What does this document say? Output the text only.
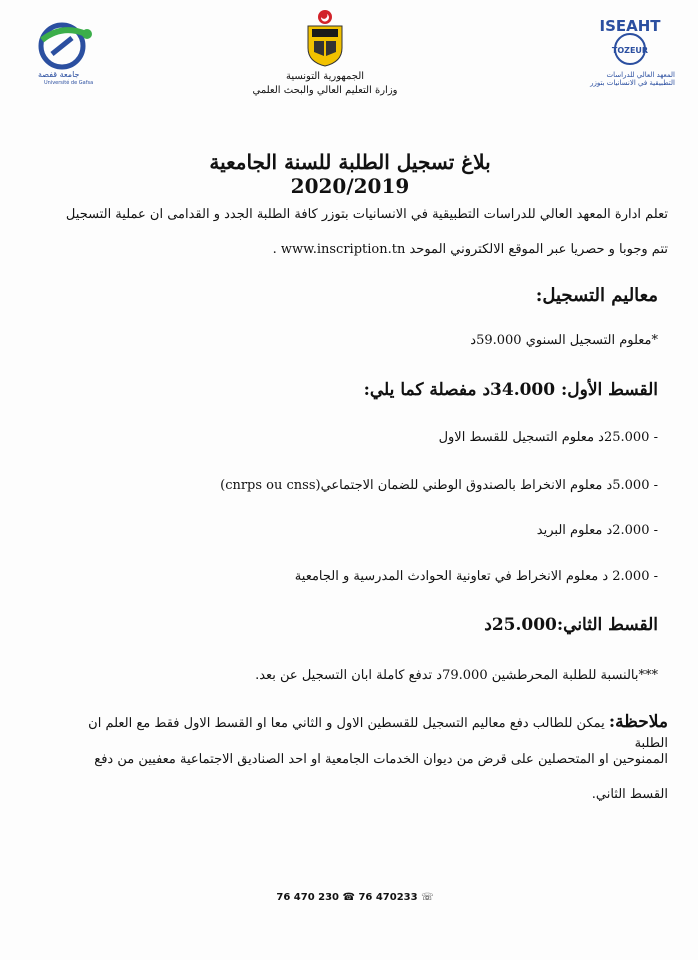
جامعة قفصة
Université de Gafsa
الجمهورية التونسية
وزارة التعليم العالي والبحث العلمي
ISEAHT
TOZEUR
المعهد العالي للدراسات التطبيقية في الانسانيات بتوزر
بلاغ تسجيل الطلبة للسنة الجامعية 2020/2019
تعلم ادارة المعهد العالي للدراسات التطبيقية في الانسانيات بتوزر كافة الطلبة الجدد و القدامى ان عملية التسجيل
تتم وجوبا و حصريا عبر الموقع الالكتروني الموحد www.inscription.tn .
معاليم التسجيل:
*معلوم التسجيل السنوي 59.000د
القسط الأول: 34.000د مفصلة كما يلي:
- 25.000د معلوم التسجيل للقسط الاول
- 5.000د معلوم الانخراط بالصندوق الوطني للضمان الاجتماعي(cnrps ou cnss)
- 2.000د معلوم البريد
- 2.000 د معلوم الانخراط في تعاونية الحوادث المدرسية و الجامعية
القسط الثاني:25.000د
***بالنسبة للطلبة المحرطشين 79.000د تدفع كاملة ابان التسجيل عن بعد.
ملاحظة: يمكن للطالب دفع معاليم التسجيل للقسطين الاول و الثاني معا او القسط الاول فقط مع العلم ان الطلبة
الممنوحين او المتحصلين على قرض من ديوان الخدمات الجامعية او احد الصناديق الاجتماعية معفيين من دفع
القسط الثاني.
76 470 230 ☎ 76 470233 ☏
